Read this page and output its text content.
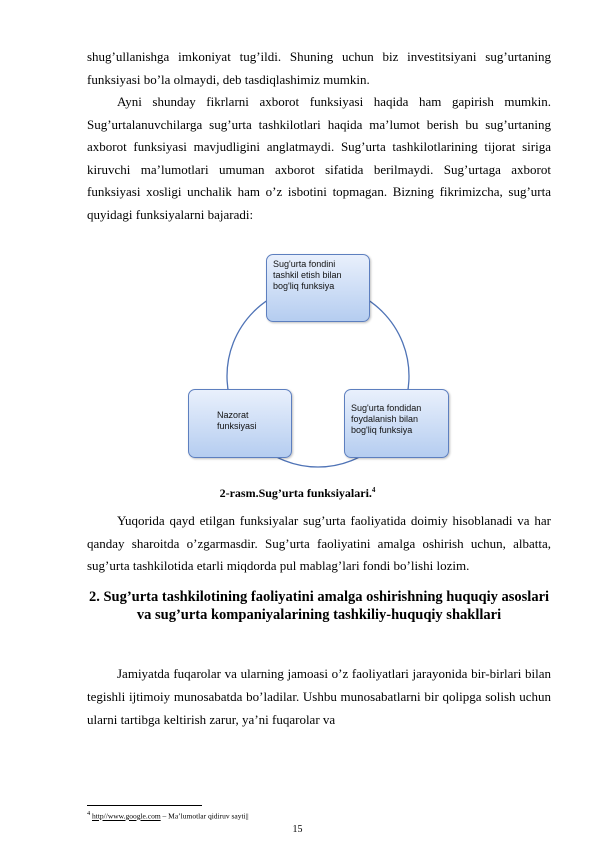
shug’ullanishga imkoniyat tug’ildi. Shuning uchun biz investitsiyani sug’urtaning funksiyasi bo’la olmaydi, deb tasdiqlashimiz mumkin.

Ayni shunday fikrlarni axborot funksiyasi haqida ham gapirish mumkin. Sug’urtalanuvchilarga sug’urta tashkilotlari haqida ma’lumot berish bu sug’urtaning axborot funksiyasi mavjudligini anglatmaydi. Sug’urta tashkilotlarining tijorat siriga kiruvchi ma’lumotlari umuman axborot sifatida berilmaydi. Sug’urtaga axborot funksiyasi xosligi unchalik ham o’z isbotini topmagan. Bizning fikrimizcha, sug’urta quyidagi funksiyalarni bajaradi:

Sug'urta fondini tashkil etish bilan bog'liq funksiya
Sug'urta fondidan foydalanish bilan bog'liq funksiya
Nazorat funksiyasi

2-rasm.Sug’urta funksiyalari.$^4$

Yuqorida qayd etilgan funksiyalar sug’urta faoliyatida doimiy hisoblanadi va har qanday sharoitda o’zgarmasdir. Sug’urta faoliyatini amalga oshirish uchun, albatta, sug’urta tashkilotida etarli miqdorda pul mablag’lari fondi bo’lishi lozim.

2. Sug’urta tashkilotining faoliyatini amalga oshirishning huquqiy asoslari va sug’urta kompaniyalarining tashkiliy-huquqiy shakllari

Jamiyatda fuqarolar va ularning jamoasi o’z faoliyatlari jarayonida bir-birlari bilan tegishli ijtimoiy munosabatda bo’ladilar. Ushbu munosabatlarni bir qolipga solish uchun ularni tartibga keltirish zarur, ya’ni fuqarolar va

$^4$ http//www.google.com – Ma’lumotlar qidiruv sayti||

15
